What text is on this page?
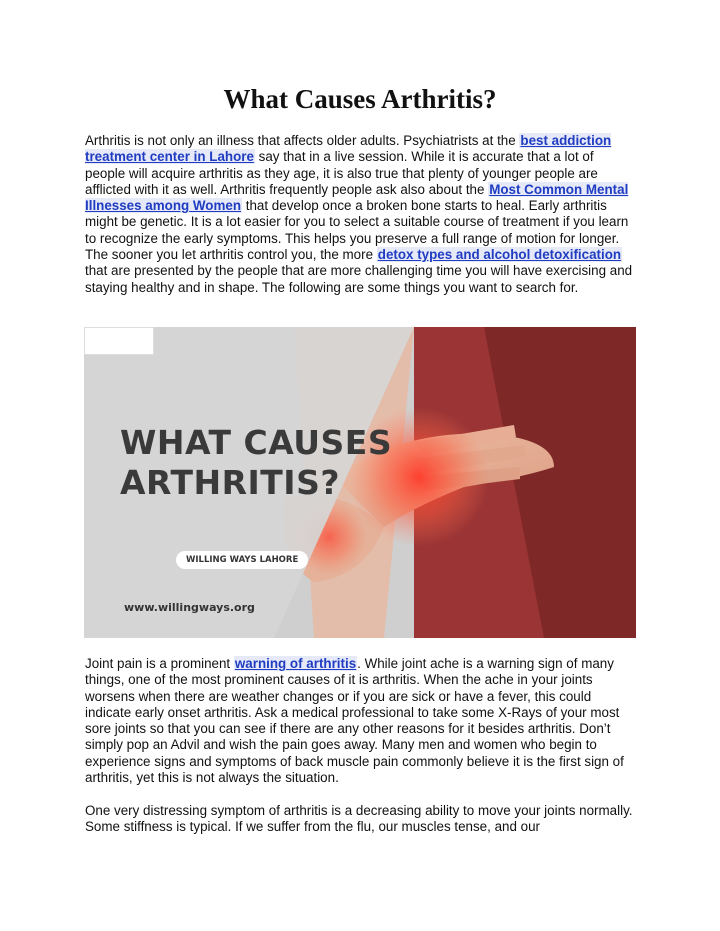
What Causes Arthritis?

Arthritis is not only an illness that affects older adults. Psychiatrists at the best addiction treatment center in Lahore say that in a live session. While it is accurate that a lot of people will acquire arthritis as they age, it is also true that plenty of younger people are afflicted with it as well. Arthritis frequently people ask also about the Most Common Mental Illnesses among Women that develop once a broken bone starts to heal. Early arthritis might be genetic. It is a lot easier for you to select a suitable course of treatment if you learn to recognize the early symptoms. This helps you preserve a full range of motion for longer. The sooner you let arthritis control you, the more detox types and alcohol detoxification that are presented by the people that are more challenging time you will have exercising and staying healthy and in shape. The following are some things you want to search for.

WHAT CAUSES
ARTHRITIS?

WILLING WAYS LAHORE
www.willingways.org

Joint pain is a prominent warning of arthritis. While joint ache is a warning sign of many things, one of the most prominent causes of it is arthritis. When the ache in your joints worsens when there are weather changes or if you are sick or have a fever, this could indicate early onset arthritis. Ask a medical professional to take some X-Rays of your most sore joints so that you can see if there are any other reasons for it besides arthritis. Don’t simply pop an Advil and wish the pain goes away. Many men and women who begin to experience signs and symptoms of back muscle pain commonly believe it is the first sign of arthritis, yet this is not always the situation.

One very distressing symptom of arthritis is a decreasing ability to move your joints normally. Some stiffness is typical. If we suffer from the flu, our muscles tense, and our
